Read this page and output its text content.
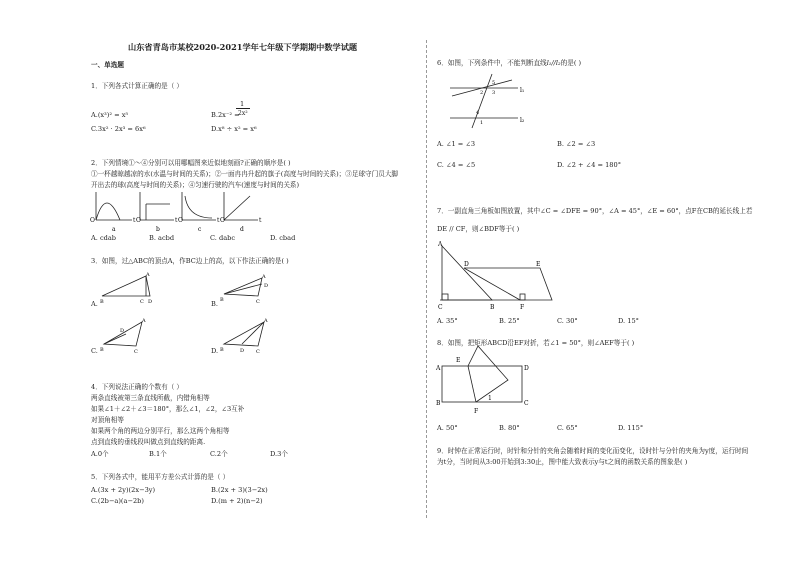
山东省青岛市某校2020-2021学年七年级下学期期中数学试题
一、单选题
1．下列各式计算正确的是（ ）
A.(x³)² = x⁵	B.2x⁻² =
1
2x²
C.3x² · 2x³ = 6x⁶	D.x⁸ ÷ x² = x⁶
2．下列情境①～④分别可以用哪幅图来近似地刻画?正确的顺序是( )
①一杯越晾越凉的水(水温与时间的关系)；②一面冉冉升起的旗子(高度与时间的关系)；③足球守门员大脚
开出去的球(高度与时间的关系)；④匀速行驶的汽车(速度与时间的关系)
O	t
a
O	t
b
O	t
c
O	t
d
A. cdab	B. acbd	C. dabc	D. cbad
3．如图，过△ABC的顶点A，作BC边上的高，以下作法正确的是( )
A.
A
B	C D	B.
A
B	C
D
C.
A
B	C
D
D.
A
B	C
D
4．下列说法正确的个数有（ ）
两条直线被第三条直线所截，内错角相等
如果∠1＋∠2＋∠3＝180°，那么∠1，∠2，∠3互补
对顶角相等
如果两个角的两边分别平行，那么这两个角相等
点到直线的垂线段叫做点到直线的距离.
A.0个	B.1个	C.2个	D.3个
5．下列各式中，能用平方差公式计算的是（ ）
A.(3x + 2y)(2x−3y)	B.(2x + 3)(3−2x)
C.(2b−a)(a−2b)	D.(m + 2)(n−2)
6．如图，下列条件中，不能判断直线l₁//l₂的是( )
l₁
l₂
5
2 3
4
1
A. ∠1 = ∠3	B. ∠2 = ∠3
C. ∠4 = ∠5	D. ∠2 + ∠4 = 180°
7．一副直角三角板如图放置，其中∠C = ∠DFE = 90°，∠A = 45°，∠E = 60°，点F在CB的延长线上若
DE // CF，则∠BDF等于( )
A
C
D	E
B	F
A. 35°	B. 25°	C. 30°	D. 15°
8．如图，把矩形ABCD沿EF对折，若∠1 = 50°，则∠AEF等于( )
A
B
D
C
E
F
1
A. 50°	B. 80°	C. 65°	D. 115°
9．时钟在正常运行时，时针和分针的夹角会随着时间的变化而变化，设时针与分针的夹角为y度，运行时间
为t分，当时间从3:00开始到3:30止，图中能大致表示y与t之间的函数关系的图象是( )
